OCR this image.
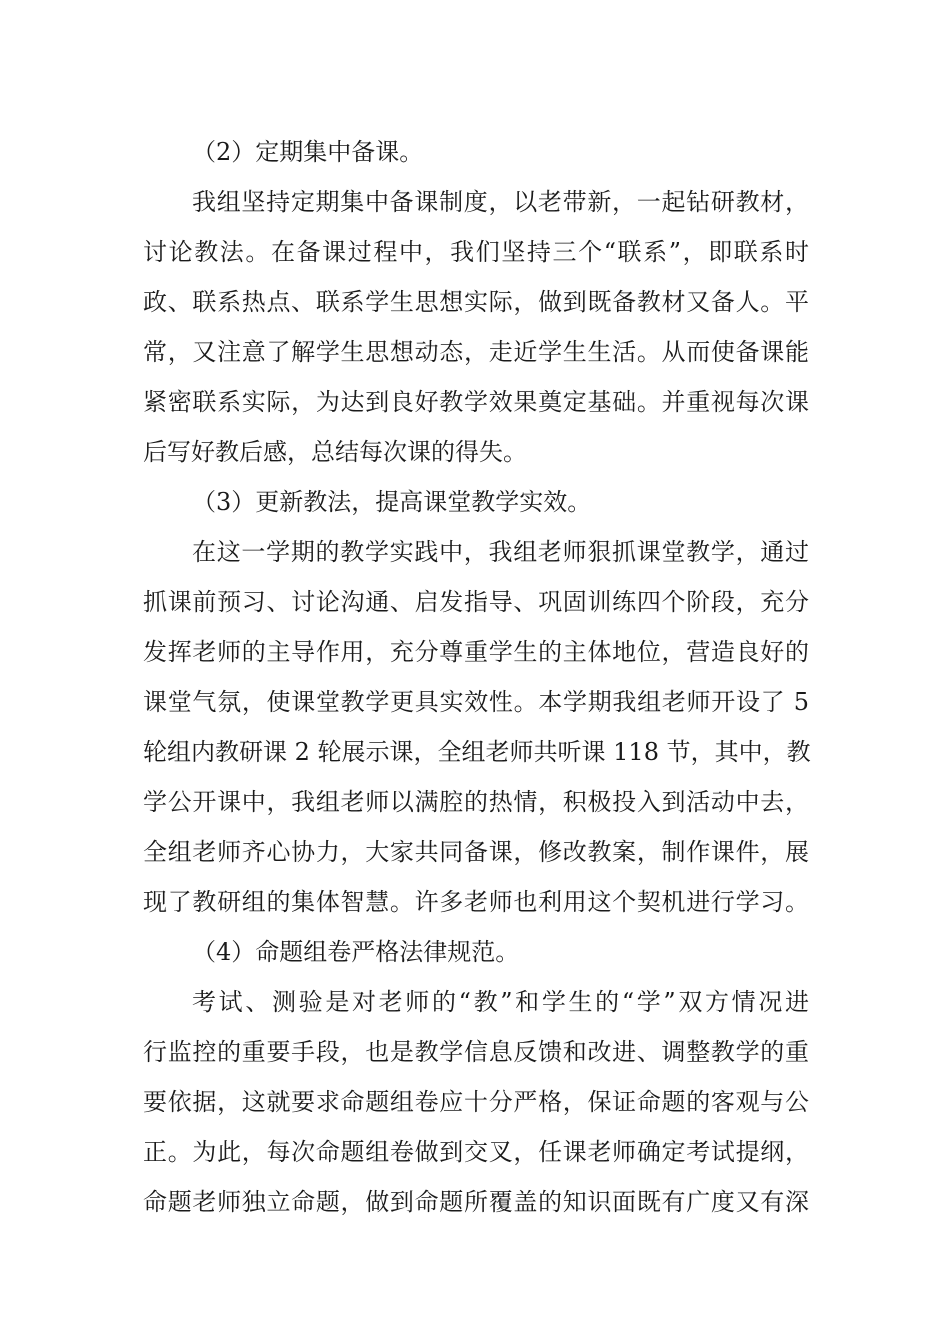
（2）定期集中备课。
我组坚持定期集中备课制度，以老带新，一起钻研教材，
讨论教法。在备课过程中，我们坚持三个“联系”，即联系时
政、联系热点、联系学生思想实际，做到既备教材又备人。平
常，又注意了解学生思想动态，走近学生生活。从而使备课能
紧密联系实际，为达到良好教学效果奠定基础。并重视每次课
后写好教后感，总结每次课的得失。
（3）更新教法，提高课堂教学实效。
在这一学期的教学实践中，我组老师狠抓课堂教学，通过
抓课前预习、讨论沟通、启发指导、巩固训练四个阶段，充分
发挥老师的主导作用，充分尊重学生的主体地位，营造良好的
课堂气氛，使课堂教学更具实效性。本学期我组老师开设了 5
轮组内教研课 2 轮展示课，全组老师共听课 118 节，其中，教
学公开课中，我组老师以满腔的热情，积极投入到活动中去，
全组老师齐心协力，大家共同备课，修改教案，制作课件，展
现了教研组的集体智慧。许多老师也利用这个契机进行学习。
（4）命题组卷严格法律规范。
考试、测验是对老师的“教”和学生的“学”双方情况进
行监控的重要手段，也是教学信息反馈和改进、调整教学的重
要依据，这就要求命题组卷应十分严格，保证命题的客观与公
正。为此，每次命题组卷做到交叉，任课老师确定考试提纲，
命题老师独立命题，做到命题所覆盖的知识面既有广度又有深
